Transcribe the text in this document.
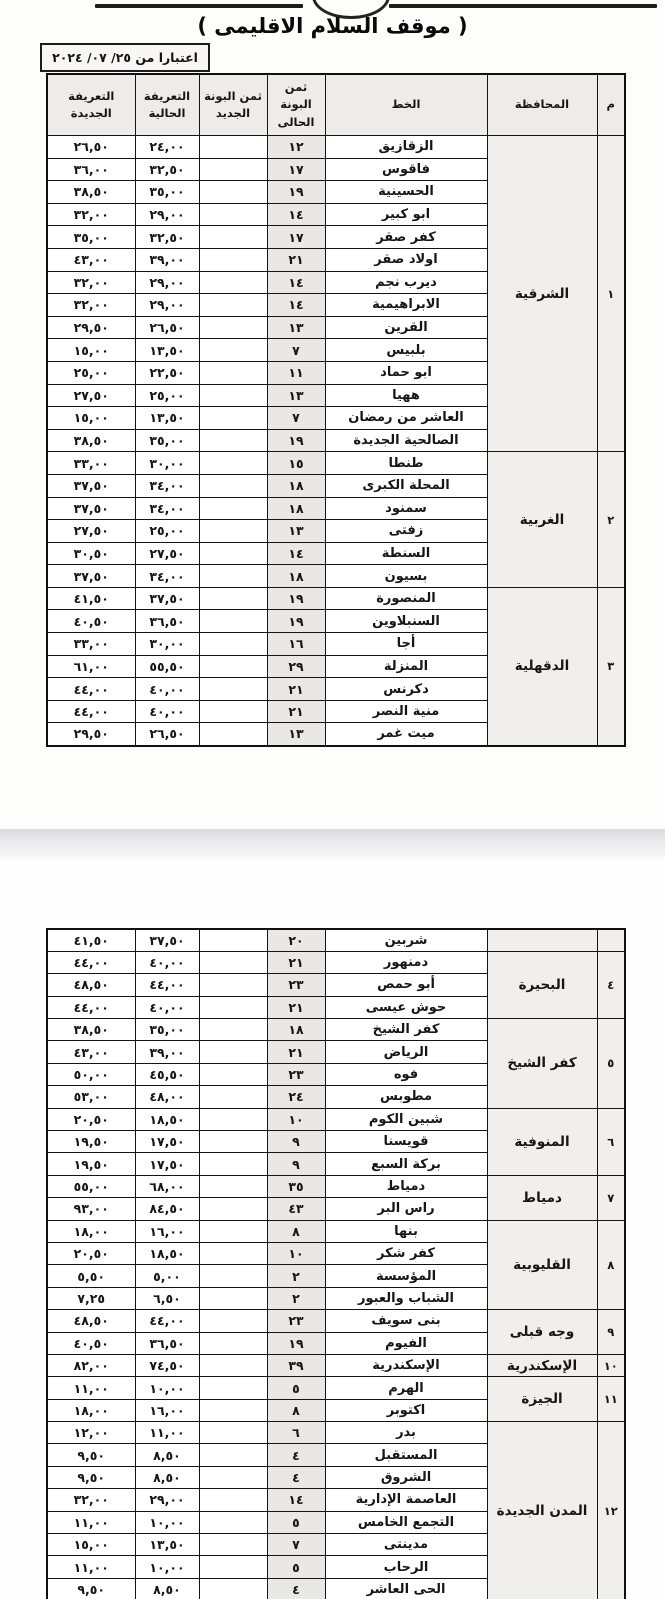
( موقف السلام الاقليمى )
اعتبارا من ٢٥/ ٠٧/ ٢٠٢٤
م	المحافظة	الخط	ثمن البونة الحالى	ثمن البونة الجديد	التعريفة الحالية	التعريفة الجديدة
١	الشرقية	الزقازيق	١٢		٢٤,٠٠	٢٦,٥٠
		فاقوس	١٧		٣٢,٥٠	٣٦,٠٠
		الحسينية	١٩		٣٥,٠٠	٣٨,٥٠
		ابو كبير	١٤		٢٩,٠٠	٣٢,٠٠
		كفر صقر	١٧		٣٢,٥٠	٣٥,٠٠
		اولاد صقر	٢١		٣٩,٠٠	٤٣,٠٠
		ديرب نجم	١٤		٢٩,٠٠	٣٢,٠٠
		الابراهيمية	١٤		٢٩,٠٠	٣٢,٠٠
		القرين	١٣		٢٦,٥٠	٢٩,٥٠
		بلبيس	٧		١٣,٥٠	١٥,٠٠
		ابو حماد	١١		٢٢,٥٠	٢٥,٠٠
		ههيا	١٣		٢٥,٠٠	٢٧,٥٠
		العاشر من رمضان	٧		١٣,٥٠	١٥,٠٠
		الصالحية الجديدة	١٩		٣٥,٠٠	٣٨,٥٠
٢	الغربية	طنطا	١٥		٣٠,٠٠	٣٣,٠٠
		المحلة الكبرى	١٨		٣٤,٠٠	٣٧,٥٠
		سمنود	١٨		٣٤,٠٠	٣٧,٥٠
		زفتى	١٣		٢٥,٠٠	٢٧,٥٠
		السنطة	١٤		٢٧,٥٠	٣٠,٥٠
		بسيون	١٨		٣٤,٠٠	٣٧,٥٠
٣	الدقهلية	المنصورة	١٩		٣٧,٥٠	٤١,٥٠
		السنبلاوين	١٩		٣٦,٥٠	٤٠,٥٠
		أجا	١٦		٣٠,٠٠	٣٣,٠٠
		المنزلة	٢٩		٥٥,٥٠	٦١,٠٠
		دكرنس	٢١		٤٠,٠٠	٤٤,٠٠
		منية النصر	٢١		٤٠,٠٠	٤٤,٠٠
		ميت غمر	١٣		٢٦,٥٠	٢٩,٥٠
		شربين	٢٠		٣٧,٥٠	٤١,٥٠
٤	البحيرة	دمنهور	٢١		٤٠,٠٠	٤٤,٠٠
		أبو حمص	٢٣		٤٤,٠٠	٤٨,٥٠
		حوش عيسى	٢١		٤٠,٠٠	٤٤,٠٠
٥	كفر الشيخ	كفر الشيخ	١٨		٣٥,٠٠	٣٨,٥٠
		الرياض	٢١		٣٩,٠٠	٤٣,٠٠
		فوه	٢٣		٤٥,٥٠	٥٠,٠٠
		مطوبس	٢٤		٤٨,٠٠	٥٣,٠٠
٦	المنوفية	شبين الكوم	١٠		١٨,٥٠	٢٠,٥٠
		قويسنا	٩		١٧,٥٠	١٩,٥٠
		بركة السبع	٩		١٧,٥٠	١٩,٥٠
٧	دمياط	دمياط	٣٥		٦٨,٠٠	٥٥,٠٠
		راس البر	٤٣		٨٤,٥٠	٩٣,٠٠
٨	القليوبية	بنها	٨		١٦,٠٠	١٨,٠٠
		كفر شكر	١٠		١٨,٥٠	٢٠,٥٠
		المؤسسة	٢		٥,٠٠	٥,٥٠
		الشباب والعبور	٢		٦,٥٠	٧,٢٥
٩	وجه قبلى	بنى سويف	٢٣		٤٤,٠٠	٤٨,٥٠
		الفيوم	١٩		٣٦,٥٠	٤٠,٥٠
١٠	الإسكندرية	الإسكندرية	٣٩		٧٤,٥٠	٨٢,٠٠
١١	الجيزة	الهرم	٥		١٠,٠٠	١١,٠٠
		اكتوبر	٨		١٦,٠٠	١٨,٠٠
١٢	المدن الجديدة	بدر	٦		١١,٠٠	١٢,٠٠
		المستقبل	٤		٨,٥٠	٩,٥٠
		الشروق	٤		٨,٥٠	٩,٥٠
		العاصمة الإدارية	١٤		٢٩,٠٠	٣٢,٠٠
		التجمع الخامس	٥		١٠,٠٠	١١,٠٠
		مدينتى	٧		١٣,٥٠	١٥,٠٠
		الرحاب	٥		١٠,٠٠	١١,٠٠
		الحى العاشر	٤		٨,٥٠	٩,٥٠
